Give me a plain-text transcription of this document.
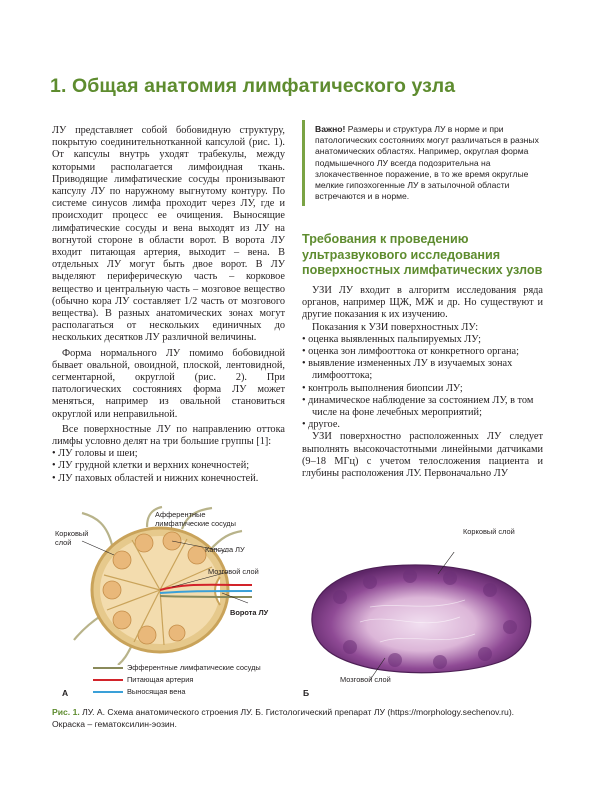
1. Общая анатомия лимфатического узла

ЛУ представляет собой бобовидную структуру, покрытую соединительнотканной капсулой (рис. 1). От капсулы внутрь уходят трабекулы, между которыми располагается лимфоидная ткань. Приводящие лимфатические сосуды пронизывают капсулу ЛУ по наружному выгнутому контуру. По системе синусов лимфа проходит через ЛУ, где и происходит процесс ее очищения. Выносящие лимфатические сосуды и вена выходят из ЛУ на вогнутой стороне в области ворот. В ворота ЛУ входит питающая артерия, выходит – вена. В отдельных ЛУ могут быть двое ворот. В ЛУ выделяют периферическую часть – корковое вещество и центральную часть – мозговое вещество (обычно кора ЛУ составляет 1/2 часть от мозгового вещества). В разных анатомических зонах могут располагаться от нескольких единичных до нескольких десятков ЛУ различной величины.

Форма нормального ЛУ помимо бобовидной бывает овальной, овоидной, плоской, лентовидной, сегментарной, округлой (рис. 2). При патологических состояниях форма ЛУ может меняться, например из овальной становиться округлой или неправильной.

Все поверхностные ЛУ по направлению оттока лимфы условно делят на три большие группы [1]:

• ЛУ головы и шеи;
• ЛУ грудной клетки и верхних конечностей;
• ЛУ паховых областей и нижних конечностей.
Важно! Размеры и структура ЛУ в норме и при патологических состояниях могут различаться в разных анатомических областях. Например, округлая форма подмышечного ЛУ всегда подозрительна на злокачественное поражение, в то же время округлые мелкие гипоэхогенные ЛУ в затылочной области встречаются и в норме.
Требования к проведению ультразвукового исследования поверхностных лимфатических узлов

УЗИ ЛУ входит в алгоритм исследования ряда органов, например ЩЖ, МЖ и др. Но существуют и другие показания к их изучению.

Показания к УЗИ поверхностных ЛУ:

• оценка выявленных пальпируемых ЛУ;
• оценка зон лимфооттока от конкретного органа;
• выявление измененных ЛУ в изучаемых зонах лимфооттока;
• контроль выполнения биопсии ЛУ;
• динамическое наблюдение за состоянием ЛУ, в том числе на фоне лечебных мероприятий;
• другое.

УЗИ поверхностно расположенных ЛУ следует выполнять высокочастотными линейными датчиками (9–18 МГц) с учетом телосложения пациента и глубины расположения ЛУ. Первоначально ЛУ

Афферентные
лимфатические сосуды
Корковый
слой
Капсула ЛУ
Мозговой слой
Ворота ЛУ
Эфферентные лимфатические сосуды
Питающая артерия
Выносящая вена
А
Корковый слой
Мозговой слой
Б
Рис. 1. ЛУ. А. Схема анатомического строения ЛУ. Б. Гистологический препарат ЛУ (https://morphology.sechenov.ru). Окраска – гематоксилин-эозин.
